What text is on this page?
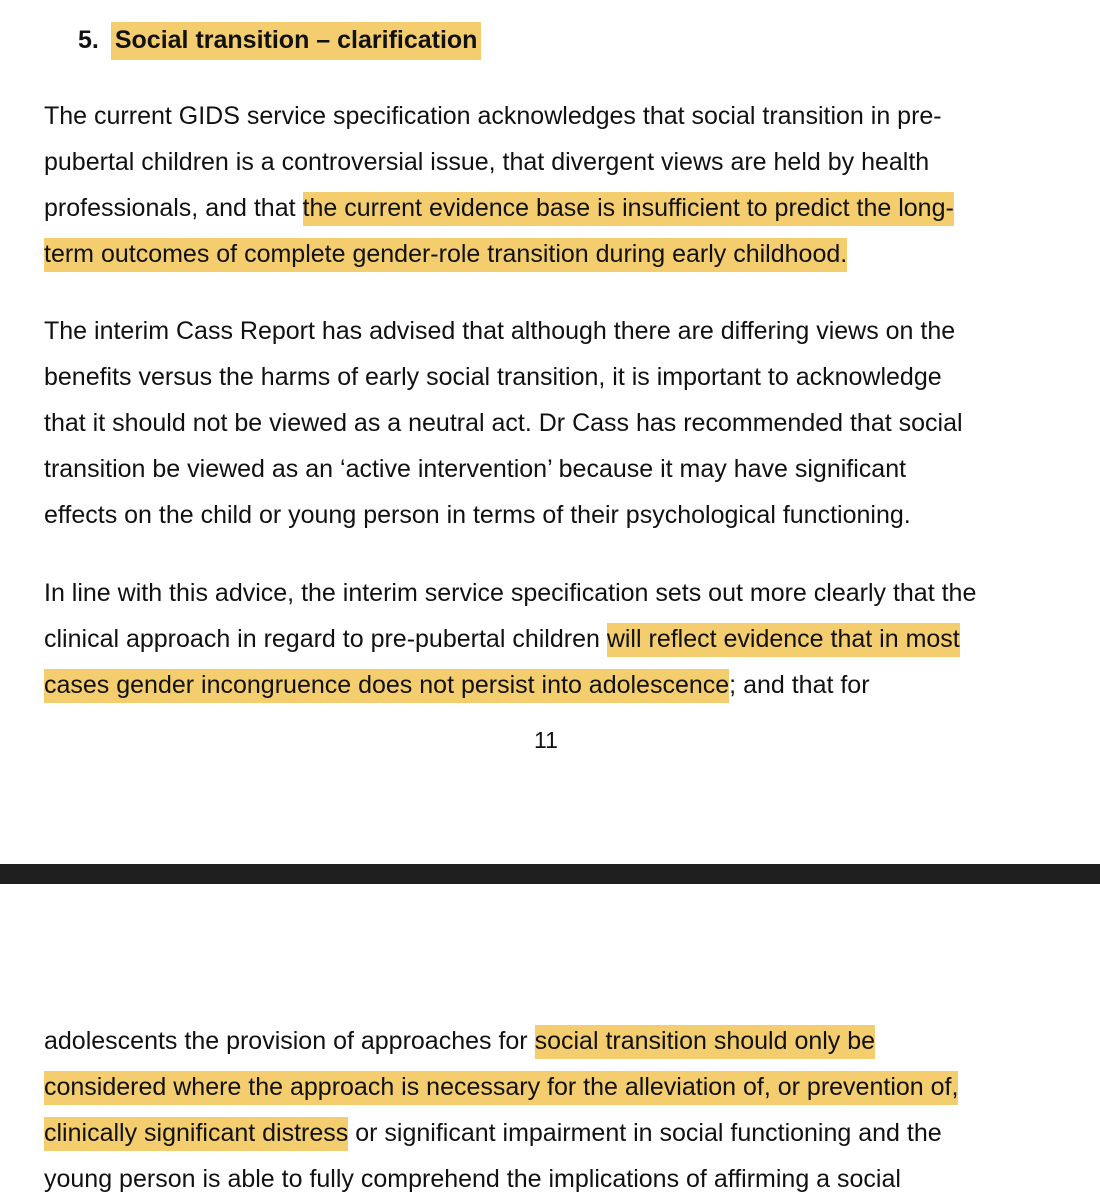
5. Social transition – clarification
The current GIDS service specification acknowledges that social transition in pre-
pubertal children is a controversial issue, that divergent views are held by health
professionals, and that the current evidence base is insufficient to predict the long-
term outcomes of complete gender-role transition during early childhood.
The interim Cass Report has advised that although there are differing views on the
benefits versus the harms of early social transition, it is important to acknowledge
that it should not be viewed as a neutral act. Dr Cass has recommended that social
transition be viewed as an ‘active intervention’ because it may have significant
effects on the child or young person in terms of their psychological functioning.
In line with this advice, the interim service specification sets out more clearly that the
clinical approach in regard to pre-pubertal children will reflect evidence that in most
cases gender incongruence does not persist into adolescence; and that for
11
adolescents the provision of approaches for social transition should only be
considered where the approach is necessary for the alleviation of, or prevention of,
clinically significant distress or significant impairment in social functioning and the
young person is able to fully comprehend the implications of affirming a social
